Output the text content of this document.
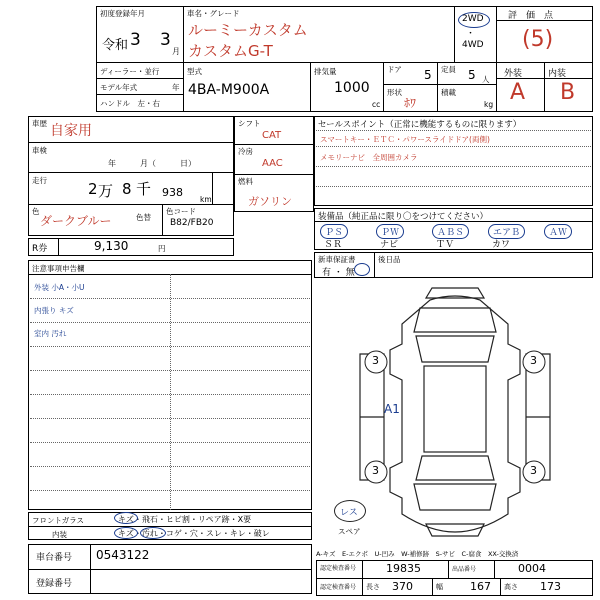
初度登録年月
令和 3 3
月
車名・グレード
ルーミーカスタム
カスタムG-T
2WD
・
4WD
評　価　点
(5)
ディーラー・並行
モデル年式	年
ハンドル　左・右
型式
4BA-M900A
排気量
1000
cc
ドア 5
形状
ﾎﾜ
定員 5 人
積載
kg
外装	内装
A B
車歴 自家用
車検
年　　　月（　　　日）
走行	2 万 8 千 938
km
色
ダークブルー	色替
色コード
B82/FB20
R券	9,130	円
シフト
CAT
冷房
AAC
燃料
ガソリン
セールスポイント（正常に機能するものに限ります）
スマートキー・ＥＴＣ・パワースライドドア(両側)
メモリーナビ　全周囲カメラ
装備品（純正品に限り〇をつけてください）
ＰＳ	ＰＷ	ＡＢＳ	エアＢ	ＡＷ
ＳＲ	ナビ	ＴＶ	カワ
新車保証書
有 ・ 無
後日品
注意事項申告欄
外装 小A・小U
内張り キズ
室内 汚れ
フロントガラス	キズ・飛石・ヒビ割・リペア跡・X要
内装	キズ・汚れ・コゲ・穴・スレ・キレ・破レ
車台番号 0543122
登録番号
3	3
3	3
A1
レス
スペア
A-キズ　E-エクボ　U-凹み　W-補修跡　S-サビ　C-腐食　XX-交換済
認定検査番号	19835	出品番号	0004
認定検査番号 長さ 370	幅 167 高さ 173
